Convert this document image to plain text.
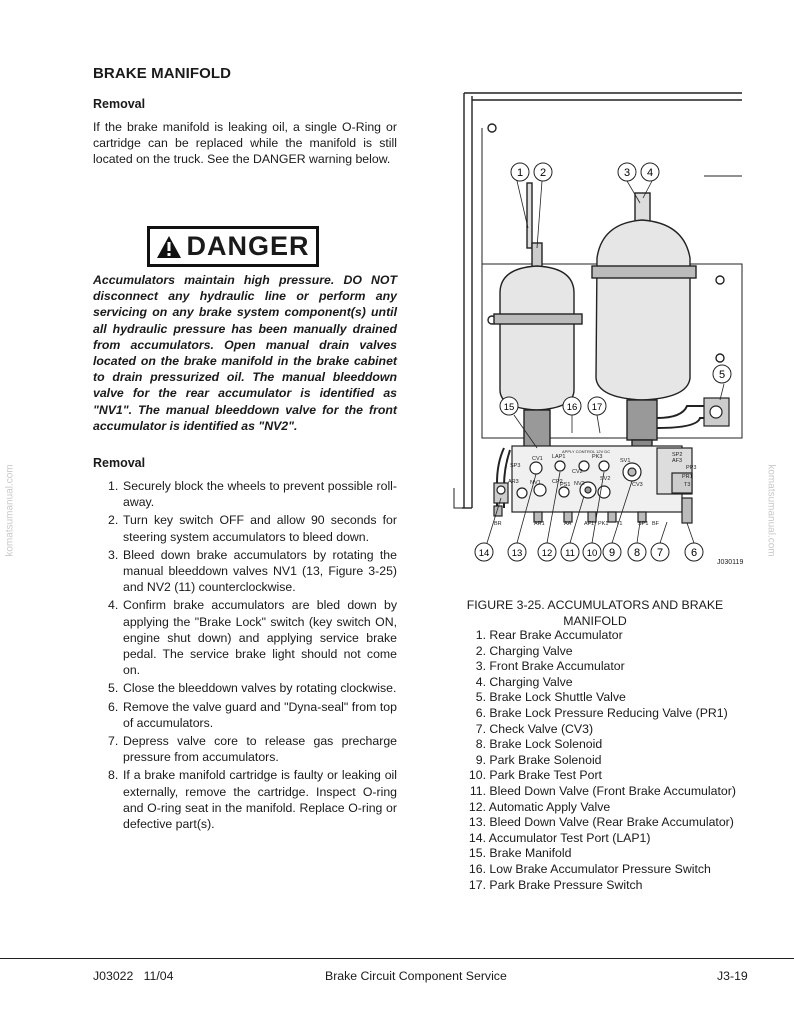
BRAKE MANIFOLD
Removal
If the brake manifold is leaking oil, a single O-Ring or cartridge can be replaced while the manifold is still located on the truck. See the DANGER warning below.
DANGER
Accumulators maintain high pressure. DO NOT disconnect any hydraulic line or perform any servicing on any brake system component(s) until all hydraulic pressure has been manually drained from accumulators. Open manual drain valves located on the brake manifold in the brake cabinet to drain pressurized oil. The manual bleeddown valve for the rear accumulator is identified as "NV1". The manual bleeddown valve for the front accumulator is identified as "NV2".
Removal
1. Securely block the wheels to prevent possible roll-away.
2. Turn key switch OFF and allow 90 seconds for steering system accumulators to bleed down.
3. Bleed down brake accumulators by rotating the manual bleeddown valves NV1 (13, Figure 3-25) and NV2 (11) counterclockwise.
4. Confirm brake accumulators are bled down by applying the "Brake Lock" switch (key switch ON, engine shut down) and applying service brake pedal. The service brake light should not come on.
5. Close the bleeddown valves by rotating clockwise.
6. Remove the valve guard and "Dyna-seal" from top of accumulators.
7. Depress valve core to release gas precharge pressure from accumulators.
8. If a brake manifold cartridge is faulty or leaking oil externally, remove the cartridge. Inspect O-ring and O-ring seat in the manifold. Replace O-ring or defective part(s).
APPLY CONTROL 12V DC
SP3
CV1 LAP1
CV2
PK3
SV1
SP2
AF3
PP3
PR1
T3
AR3 NV1 CP2
PS1 NV2
SV2
CV3
BR	AR1	AA AF1 PK1 T1	SP1 BF
1 2	3 4
5
6
7
8
9
10
11
12
13
14
15	16 17
J030119
FIGURE 3-25. ACCUMULATORS AND BRAKE MANIFOLD
1. Rear Brake Accumulator
2. Charging Valve
3. Front Brake Accumulator
4. Charging Valve
5. Brake Lock Shuttle Valve
6. Brake Lock Pressure Reducing Valve (PR1)
7. Check Valve (CV3)
8. Brake Lock Solenoid
9. Park Brake Solenoid
10. Park Brake Test Port
11. Bleed Down Valve (Front Brake Accumulator)
12. Automatic Apply Valve
13. Bleed Down Valve (Rear Brake Accumulator)
14. Accumulator Test Port (LAP1)
15. Brake Manifold
16. Low Brake Accumulator Pressure Switch
17. Park Brake Pressure Switch
komatsumanual.com	komatsumanual.com
J03022   11/04	Brake Circuit Component Service	J3-19
